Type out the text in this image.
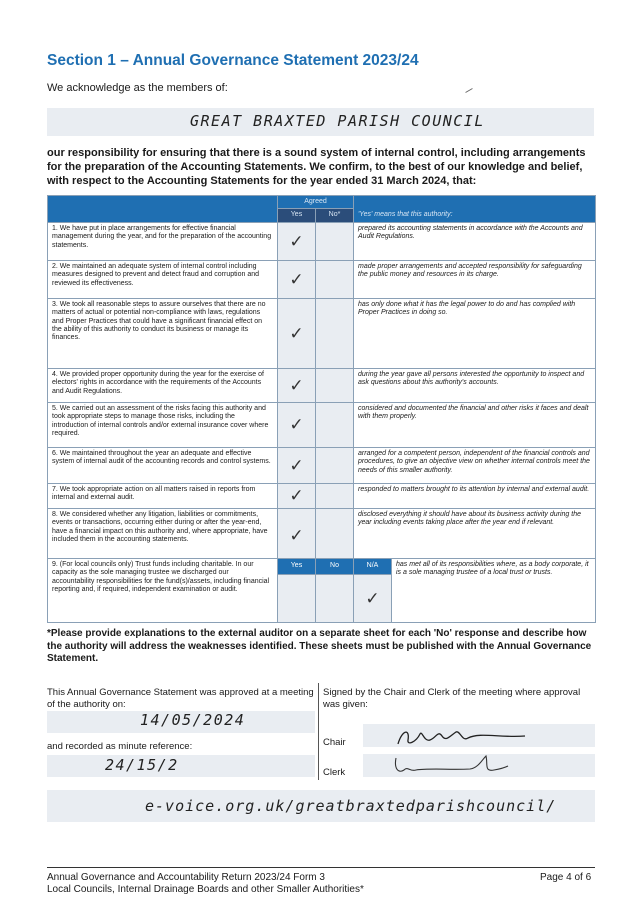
Section 1 – Annual Governance Statement 2023/24
We acknowledge as the members of:
GREAT BRAXTED PARISH COUNCIL
our responsibility for ensuring that there is a sound system of internal control, including arrangements for the preparation of the Accounting Statements. We confirm, to the best of our knowledge and belief, with respect to the Accounting Statements for the year ended 31 March 2024, that:
	Agreed		
	Yes	No*	'Yes' means that this authority:
1. We have put in place arrangements for effective financial management during the year, and for the preparation of the accounting statements.	✓		prepared its accounting statements in accordance with the Accounts and Audit Regulations.
2. We maintained an adequate system of internal control including measures designed to prevent and detect fraud and corruption and reviewed its effectiveness.	✓		made proper arrangements and accepted responsibility for safeguarding the public money and resources in its charge.
3. We took all reasonable steps to assure ourselves that there are no matters of actual or potential non-compliance with laws, regulations and Proper Practices that could have a significant financial effect on the ability of this authority to conduct its business or manage its finances.	✓		has only done what it has the legal power to do and has complied with Proper Practices in doing so.
4. We provided proper opportunity during the year for the exercise of electors' rights in accordance with the requirements of the Accounts and Audit Regulations.	✓		during the year gave all persons interested the opportunity to inspect and ask questions about this authority's accounts.
5. We carried out an assessment of the risks facing this authority and took appropriate steps to manage those risks, including the introduction of internal controls and/or external insurance cover where required.	✓		considered and documented the financial and other risks it faces and dealt with them properly.
6. We maintained throughout the year an adequate and effective system of internal audit of the accounting records and control systems.	✓		arranged for a competent person, independent of the financial controls and procedures, to give an objective view on whether internal controls meet the needs of this smaller authority.
7. We took appropriate action on all matters raised in reports from internal and external audit.	✓		responded to matters brought to its attention by internal and external audit.
8. We considered whether any litigation, liabilities or commitments, events or transactions, occurring either during or after the year-end, have a financial impact on this authority and, where appropriate, have included them in the accounting statements.	✓		disclosed everything it should have about its business activity during the year including events taking place after the year end if relevant.
9. (For local councils only) Trust funds including charitable. In our capacity as the sole managing trustee we discharged our accountability responsibilities for the fund(s)/assets, including financial reporting and, if required, independent examination or audit.	Yes	No	N/A	has met all of its responsibilities where, as a body corporate, it is a sole managing trustee of a local trust or trusts.
			✓	
*Please provide explanations to the external auditor on a separate sheet for each 'No' response and describe how the authority will address the weaknesses identified. These sheets must be published with the Annual Governance Statement.
This Annual Governance Statement was approved at a meeting of the authority on:
14/05/2024
and recorded as minute reference:
24/15/2
Signed by the Chair and Clerk of the meeting where approval was given:
Chair
Clerk
e-voice.org.uk/greatbraxtedparishcouncil/
Annual Governance and Accountability Return 2023/24 Form 3
Local Councils, Internal Drainage Boards and other Smaller Authorities*
Page 4 of 6
